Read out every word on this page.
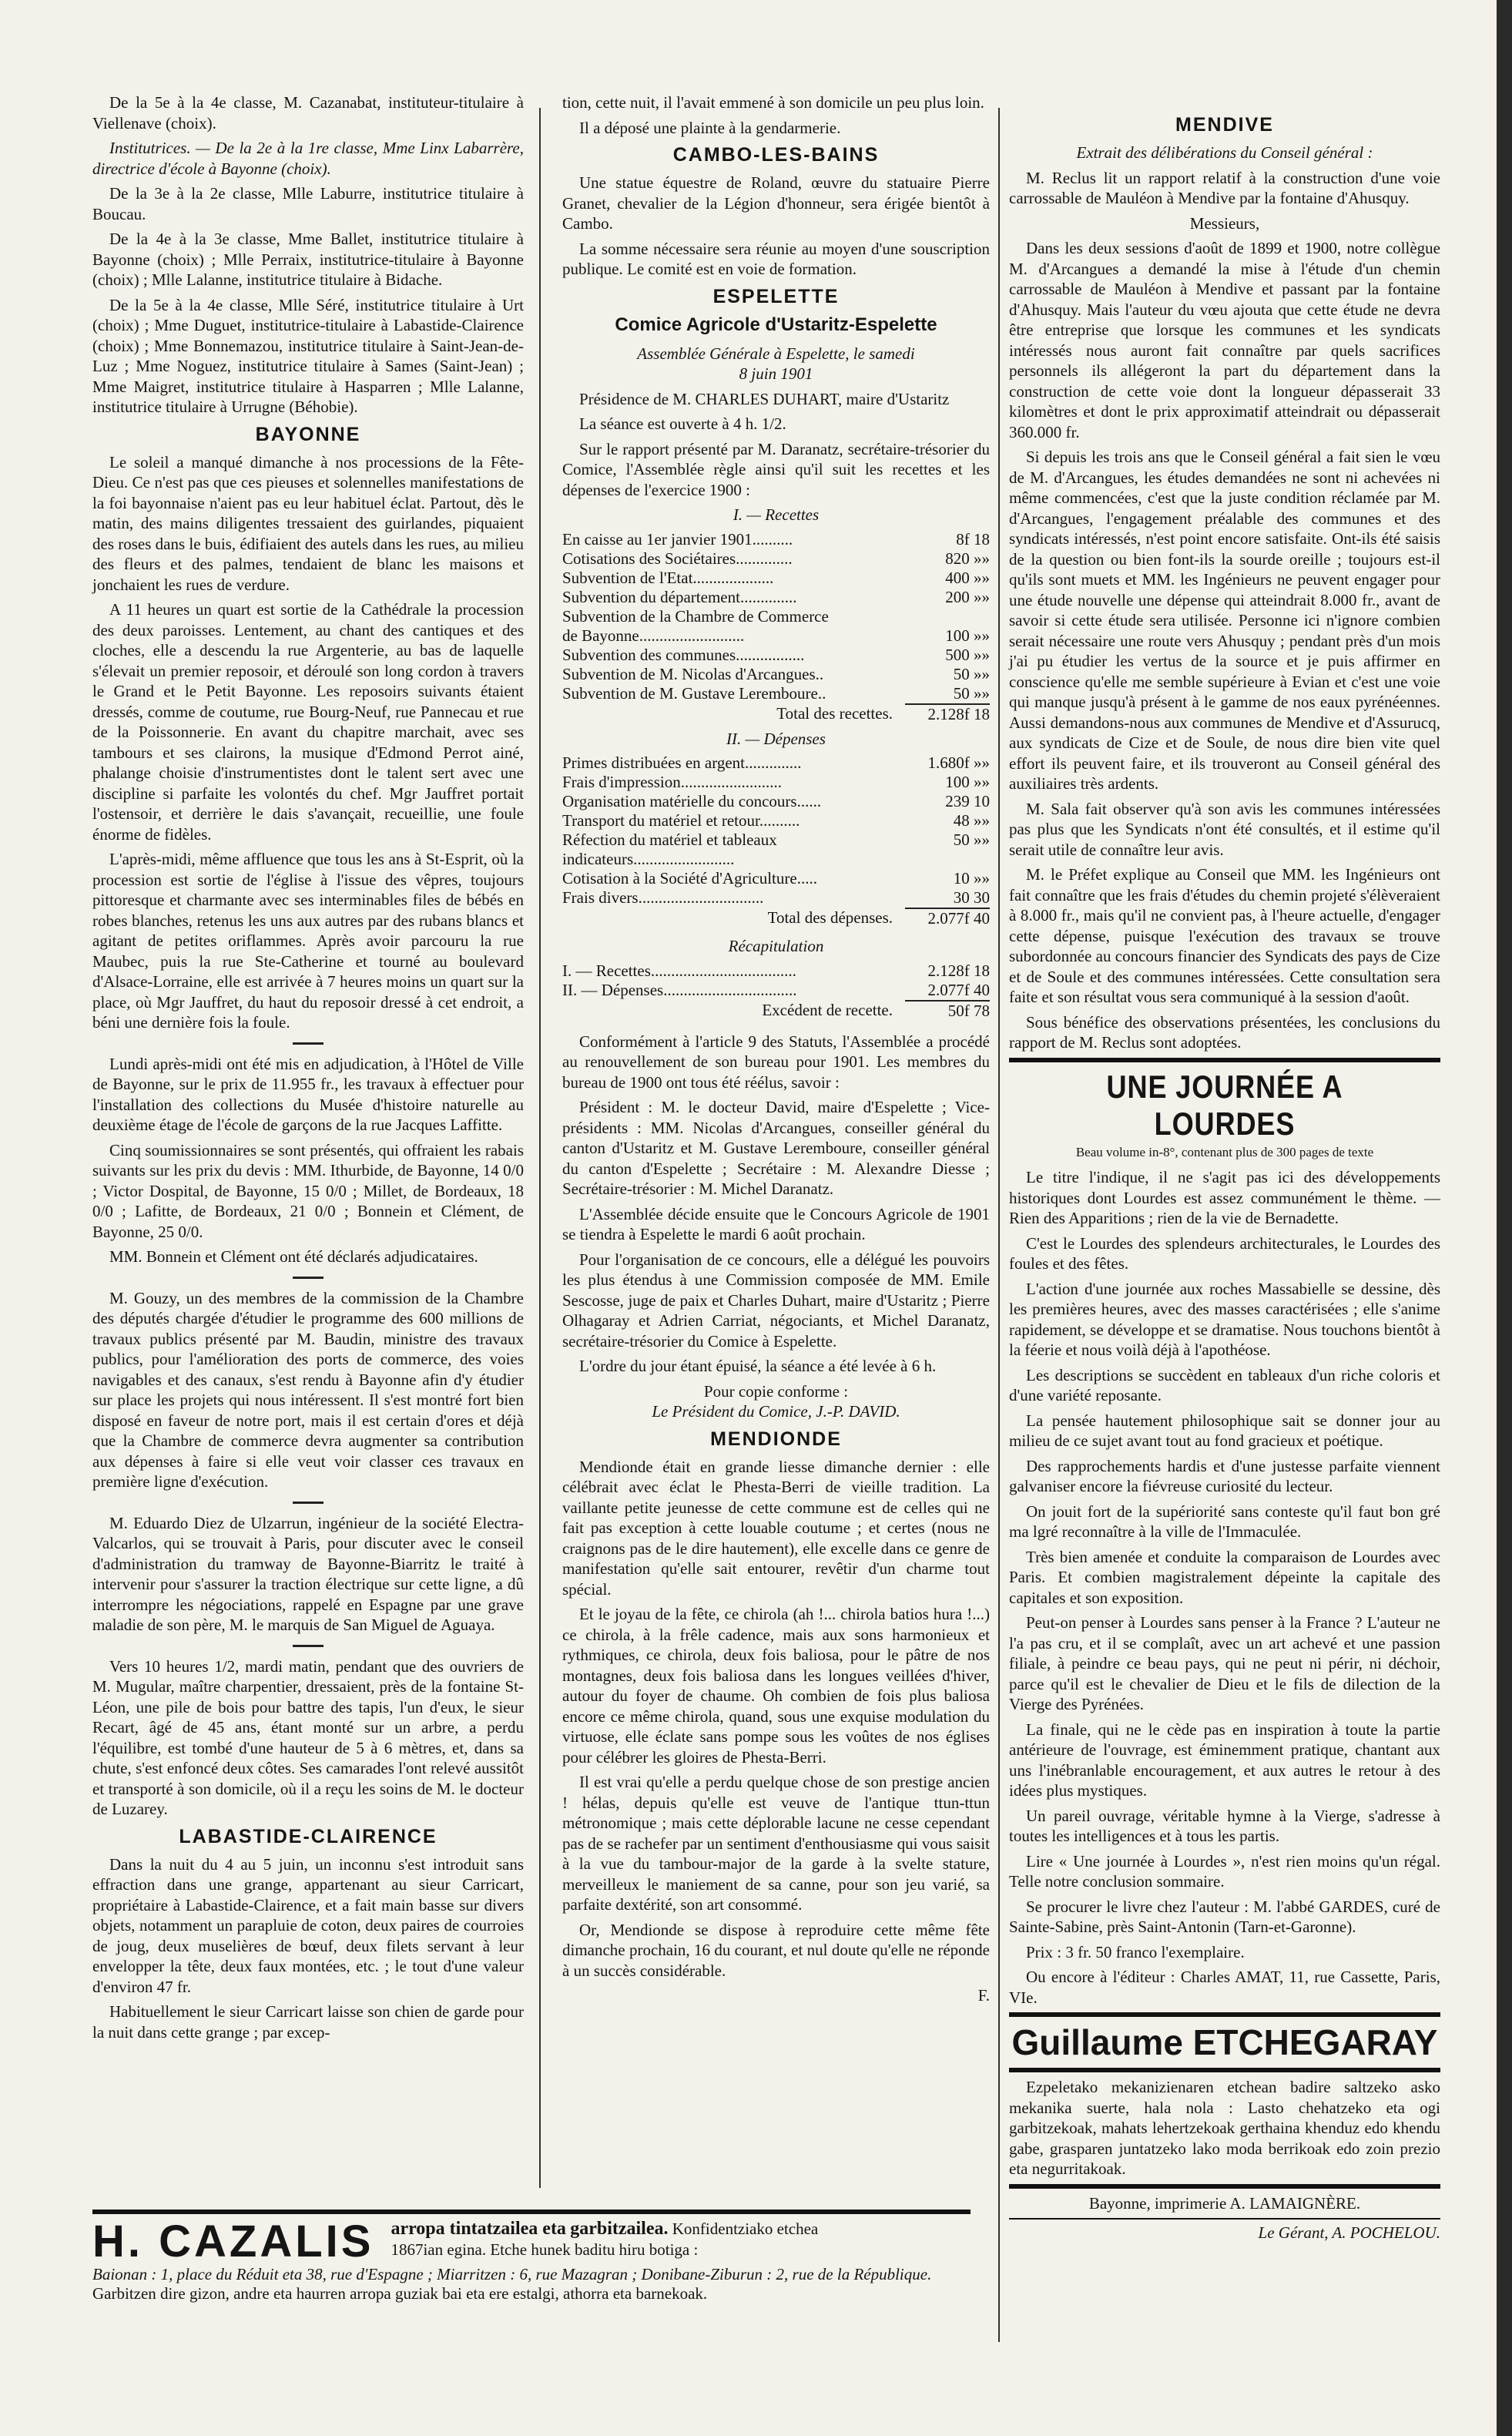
De la 5e à la 4e classe, M. Cazanabat, instituteur-titulaire à Viellenave (choix).

Institutrices. — De la 2e à la 1re classe, Mme Linx Labarrère, directrice d'école à Bayonne (choix).

De la 3e à la 2e classe, Mlle Laburre, institutrice titulaire à Boucau.

De la 4e à la 3e classe, Mme Ballet, institutrice titulaire à Bayonne (choix) ; Mlle Perraix, institutrice-titulaire à Bayonne (choix) ; Mlle Lalanne, institutrice titulaire à Bidache.

De la 5e à la 4e classe, Mlle Séré, institutrice titulaire à Urt (choix) ; Mme Duguet, institutrice-titulaire à Labastide-Clairence (choix) ; Mme Bonnemazou, institutrice titulaire à Saint-Jean-de-Luz ; Mme Noguez, institutrice titulaire à Sames (Saint-Jean) ; Mme Maigret, institutrice titulaire à Hasparren ; Mlle Lalanne, institutrice titulaire à Urrugne (Béhobie).

BAYONNE

Le soleil a manqué dimanche à nos processions de la Fête-Dieu. Ce n'est pas que ces pieuses et solennelles manifestations de la foi bayonnaise n'aient pas eu leur habituel éclat. Partout, dès le matin, des mains diligentes tressaient des guirlandes, piquaient des roses dans le buis, édifiaient des autels dans les rues, au milieu des fleurs et des palmes, tendaient de blanc les maisons et jonchaient les rues de verdure.

A 11 heures un quart est sortie de la Cathédrale la procession des deux paroisses. Lentement, au chant des cantiques et des cloches, elle a descendu la rue Argenterie, au bas de laquelle s'élevait un premier reposoir, et déroulé son long cordon à travers le Grand et le Petit Bayonne. Les reposoirs suivants étaient dressés, comme de coutume, rue Bourg-Neuf, rue Pannecau et rue de la Poissonnerie. En avant du chapitre marchait, avec ses tambours et ses clairons, la musique d'Edmond Perrot ainé, phalange choisie d'instrumentistes dont le talent sert avec une discipline si parfaite les volontés du chef. Mgr Jauffret portait l'ostensoir, et derrière le dais s'avançait, recueillie, une foule énorme de fidèles.

L'après-midi, même affluence que tous les ans à St-Esprit, où la procession est sortie de l'église à l'issue des vêpres, toujours pittoresque et charmante avec ses interminables files de bébés en robes blanches, retenus les uns aux autres par des rubans blancs et agitant de petites oriflammes. Après avoir parcouru la rue Maubec, puis la rue Ste-Catherine et tourné au boulevard d'Alsace-Lorraine, elle est arrivée à 7 heures moins un quart sur la place, où Mgr Jauffret, du haut du reposoir dressé à cet endroit, a béni une dernière fois la foule.

Lundi après-midi ont été mis en adjudication, à l'Hôtel de Ville de Bayonne, sur le prix de 11.955 fr., les travaux à effectuer pour l'installation des collections du Musée d'histoire naturelle au deuxième étage de l'école de garçons de la rue Jacques Laffitte.

Cinq soumissionnaires se sont présentés, qui offraient les rabais suivants sur les prix du devis : MM. Ithurbide, de Bayonne, 14 0/0 ; Victor Dospital, de Bayonne, 15 0/0 ; Millet, de Bordeaux, 18 0/0 ; Lafitte, de Bordeaux, 21 0/0 ; Bonnein et Clément, de Bayonne, 25 0/0.

MM. Bonnein et Clément ont été déclarés adjudicataires.

M. Gouzy, un des membres de la commission de la Chambre des députés chargée d'étudier le programme des 600 millions de travaux publics présenté par M. Baudin, ministre des travaux publics, pour l'amélioration des ports de commerce, des voies navigables et des canaux, s'est rendu à Bayonne afin d'y étudier sur place les projets qui nous intéressent. Il s'est montré fort bien disposé en faveur de notre port, mais il est certain d'ores et déjà que la Chambre de commerce devra augmenter sa contribution aux dépenses à faire si elle veut voir classer ces travaux en première ligne d'exécution.

M. Eduardo Diez de Ulzarrun, ingénieur de la société Electra-Valcarlos, qui se trouvait à Paris, pour discuter avec le conseil d'administration du tramway de Bayonne-Biarritz le traité à intervenir pour s'assurer la traction électrique sur cette ligne, a dû interrompre les négociations, rappelé en Espagne par une grave maladie de son père, M. le marquis de San Miguel de Aguaya.

Vers 10 heures 1/2, mardi matin, pendant que des ouvriers de M. Mugular, maître charpentier, dressaient, près de la fontaine St-Léon, une pile de bois pour battre des tapis, l'un d'eux, le sieur Recart, âgé de 45 ans, étant monté sur un arbre, a perdu l'équilibre, est tombé d'une hauteur de 5 à 6 mètres, et, dans sa chute, s'est enfoncé deux côtes. Ses camarades l'ont relevé aussitôt et transporté à son domicile, où il a reçu les soins de M. le docteur de Luzarey.

LABASTIDE-CLAIRENCE

Dans la nuit du 4 au 5 juin, un inconnu s'est introduit sans effraction dans une grange, appartenant au sieur Carricart, propriétaire à Labastide-Clairence, et a fait main basse sur divers objets, notamment un parapluie de coton, deux paires de courroies de joug, deux muselières de bœuf, deux filets servant à leur envelopper la tête, deux faux montées, etc. ; le tout d'une valeur d'environ 47 fr.

Habituellement le sieur Carricart laisse son chien de garde pour la nuit dans cette grange ; par excep-

tion, cette nuit, il l'avait emmené à son domicile un peu plus loin.

Il a déposé une plainte à la gendarmerie.

CAMBO-LES-BAINS

Une statue équestre de Roland, œuvre du statuaire Pierre Granet, chevalier de la Légion d'honneur, sera érigée bientôt à Cambo.

La somme nécessaire sera réunie au moyen d'une souscription publique. Le comité est en voie de formation.

ESPELETTE
Comice Agricole d'Ustaritz-Espelette

Assemblée Générale à Espelette, le samedi

8 juin 1901

Présidence de M. CHARLES DUHART, maire d'Ustaritz

La séance est ouverte à 4 h. 1/2.

Sur le rapport présenté par M. Daranatz, secrétaire-trésorier du Comice, l'Assemblée règle ainsi qu'il suit les recettes et les dépenses de l'exercice 1900 :

I. — Recettes

En caisse au 1er janvier 1901..........	8f 18
Cotisations des Sociétaires..............	820 »»
Subvention de l'Etat....................	400 »»
Subvention du département..............	200 »»
Subvention de la Chambre de Commerce	
de Bayonne..........................	100 »»
Subvention des communes.................	500 »»
Subvention de M. Nicolas d'Arcangues..	50 »»
Subvention de M. Gustave Lerembourе..	50 »»
Total des recettes.	2.128f 18

II. — Dépenses

Primes distribuées en argent..............	1.680f »»
Frais d'impression.........................	100 »»
Organisation matérielle du concours......	239 10
Transport du matériel et retour..........	48 »»
Réfection du matériel et tableaux indicateurs.........................	50 »»
Cotisation à la Société d'Agriculture.....	10 »»
Frais divers...............................	30 30
Total des dépenses.	2.077f 40

Récapitulation

I. — Recettes....................................	2.128f 18
II. — Dépenses.................................	2.077f 40
Excédent de recette.	50f 78

Conformément à l'article 9 des Statuts, l'Assemblée a procédé au renouvellement de son bureau pour 1901. Les membres du bureau de 1900 ont tous été réélus, savoir :

Président : M. le docteur David, maire d'Espelette ; Vice-présidents : MM. Nicolas d'Arcangues, conseiller général du canton d'Ustaritz et M. Gustave Lerembourе, conseiller général du canton d'Espelette ; Secrétaire : M. Alexandre Diesse ; Secrétaire-trésorier : M. Michel Daranatz.

L'Assemblée décide ensuite que le Concours Agricole de 1901 se tiendra à Espelette le mardi 6 août prochain.

Pour l'organisation de ce concours, elle a délégué les pouvoirs les plus étendus à une Commission composée de MM. Emile Sescosse, juge de paix et Charles Duhart, maire d'Ustaritz ; Pierre Olhagaray et Adrien Carriat, négociants, et Michel Daranatz, secrétaire-trésorier du Comice à Espelette.

L'ordre du jour étant épuisé, la séance a été levée à 6 h.

Pour copie conforme :

Le Président du Comice, J.-P. DAVID.

MENDIONDE

Mendionde était en grande liesse dimanche dernier : elle célébrait avec éclat le Phesta-Berri de vieille tradition. La vaillante petite jeunesse de cette commune est de celles qui ne fait pas exception à cette louable coutume ; et certes (nous ne craignons pas de le dire hautement), elle excelle dans ce genre de manifestation qu'elle sait entourer, revêtir d'un charme tout spécial.

Et le joyau de la fête, ce chirola (ah !... chirola batios hura !...) ce chirola, à la frêle cadence, mais aux sons harmonieux et rythmiques, ce chirola, deux fois baliosa, pour le pâtre de nos montagnes, deux fois baliosa dans les longues veillées d'hiver, autour du foyer de chaume. Oh combien de fois plus baliosa encore ce même chirola, quand, sous une exquise modulation du virtuose, elle éclate sans pompe sous les voûtes de nos églises pour célébrer les gloires de Phesta-Berri.

Il est vrai qu'elle a perdu quelque chose de son prestige ancien ! hélas, depuis qu'elle est veuve de l'antique ttun-ttun métronomique ; mais cette déplorable lacune ne cesse cependant pas de se rachefer par un sentiment d'enthousiasme qui vous saisit à la vue du tambour-major de la garde à la svelte stature, merveilleux le maniement de sa canne, pour son jeu varié, sa parfaite dextérité, son art consommé.

Or, Mendionde se dispose à reproduire cette même fête dimanche prochain, 16 du courant, et nul doute qu'elle ne réponde à un succès considérable.

F.

MENDIVE

Extrait des délibérations du Conseil général :

M. Reclus lit un rapport relatif à la construction d'une voie carrossable de Mauléon à Mendive par la fontaine d'Ahusquy.

Messieurs,

Dans les deux sessions d'août de 1899 et 1900, notre collègue M. d'Arcangues a demandé la mise à l'étude d'un chemin carrossable de Mauléon à Mendive et passant par la fontaine d'Ahusquy. Mais l'auteur du vœu ajouta que cette étude ne devra être entreprise que lorsque les communes et les syndicats intéressés nous auront fait connaître par quels sacrifices personnels ils allégeront la part du département dans la construction de cette voie dont la longueur dépasserait 33 kilomètres et dont le prix approximatif atteindrait ou dépasserait 360.000 fr.

Si depuis les trois ans que le Conseil général a fait sien le vœu de M. d'Arcangues, les études demandées ne sont ni achevées ni même commencées, c'est que la juste condition réclamée par M. d'Arcangues, l'engagement préalable des communes et des syndicats intéressés, n'est point encore satisfaite. Ont-ils été saisis de la question ou bien font-ils la sourde oreille ; toujours est-il qu'ils sont muets et MM. les Ingénieurs ne peuvent engager pour une étude nouvelle une dépense qui atteindrait 8.000 fr., avant de savoir si cette étude sera utilisée. Personne ici n'ignore combien serait nécessaire une route vers Ahusquy ; pendant près d'un mois j'ai pu étudier les vertus de la source et je puis affirmer en conscience qu'elle me semble supérieure à Evian et c'est une voie qui manque jusqu'à présent à le gamme de nos eaux pyrénéennes. Aussi demandons-nous aux communes de Mendive et d'Assurucq, aux syndicats de Cize et de Soule, de nous dire bien vite quel effort ils peuvent faire, et ils trouveront au Conseil général des auxiliaires très ardents.

M. Sala fait observer qu'à son avis les communes intéressées pas plus que les Syndicats n'ont été consultés, et il estime qu'il serait utile de connaître leur avis.

M. le Préfet explique au Conseil que MM. les Ingénieurs ont fait connaître que les frais d'études du chemin projeté s'élèveraient à 8.000 fr., mais qu'il ne convient pas, à l'heure actuelle, d'engager cette dépense, puisque l'exécution des travaux se trouve subordonnée au concours financier des Syndicats des pays de Cize et de Soule et des communes intéressées. Cette consultation sera faite et son résultat vous sera communiqué à la session d'août.

Sous bénéfice des observations présentées, les conclusions du rapport de M. Reclus sont adoptées.

UNE JOURNÉE A LOURDES

Beau volume in-8°, contenant plus de 300 pages de texte

Le titre l'indique, il ne s'agit pas ici des développements historiques dont Lourdes est assez communément le thème. — Rien des Apparitions ; rien de la vie de Bernadette.

C'est le Lourdes des splendeurs architecturales, le Lourdes des foules et des fêtes.

L'action d'une journée aux roches Massabielle se dessine, dès les premières heures, avec des masses caractérisées ; elle s'anime rapidement, se développe et se dramatise. Nous touchons bientôt à la féerie et nous voilà déjà à l'apothéose.

Les descriptions se succèdent en tableaux d'un riche coloris et d'une variété reposante.

La pensée hautement philosophique sait se donner jour au milieu de ce sujet avant tout au fond gracieux et poétique.

Des rapprochements hardis et d'une justesse parfaite viennent galvaniser encore la fiévreuse curiosité du lecteur.

On jouit fort de la supériorité sans conteste qu'il faut bon gré ma lgré reconnaître à la ville de l'Immaculée.

Très bien amenée et conduite la comparaison de Lourdes avec Paris. Et combien magistralement dépeinte la capitale des capitales et son exposition.

Peut-on penser à Lourdes sans penser à la France ? L'auteur ne l'a pas cru, et il se complaît, avec un art achevé et une passion filiale, à peindre ce beau pays, qui ne peut ni périr, ni déchoir, parce qu'il est le chevalier de Dieu et le fils de dilection de la Vierge des Pyrénées.

La finale, qui ne le cède pas en inspiration à toute la partie antérieure de l'ouvrage, est éminemment pratique, chantant aux uns l'inébranlable encouragement, et aux autres le retour à des idées plus mystiques.

Un pareil ouvrage, véritable hymne à la Vierge, s'adresse à toutes les intelligences et à tous les partis.

Lire « Une journée à Lourdes », n'est rien moins qu'un régal. Telle notre conclusion sommaire.

Se procurer le livre chez l'auteur : M. l'abbé GARDES, curé de Sainte-Sabine, près Saint-Antonin (Tarn-et-Garonne).

Prix : 3 fr. 50 franco l'exemplaire.

Ou encore à l'éditeur : Charles AMAT, 11, rue Cassette, Paris, VIe.

Guillaume ETCHEGARAY

Ezpeletako mekanizienaren etchean badire saltzeko asko mekanika suerte, hala nola : Lasto chehatzeko eta ogi garbitzekoak, mahats lehertzekoak gerthaina khenduz edo khendu gabe, grasparen juntatzeko lako moda berrikoak edo zoin prezio eta negurritakoak.

Bayonne, imprimerie A. LAMAIGNÈRE.

Le Gérant, A. POCHELOU.

H. CAZALIS arropa tintatzailea eta garbitzailea. Konfidentziako etchea

1867ian egina. Etche hunek baditu hiru botiga :

Baionan : 1, place du Réduit eta 38, rue d'Espagne ; Miarritzen : 6, rue Mazagran ; Donibane-Ziburun : 2, rue de la République.

Garbitzen dire gizon, andre eta haurren arropa guziak bai eta ere estalgi, athorra eta barnekoak.
